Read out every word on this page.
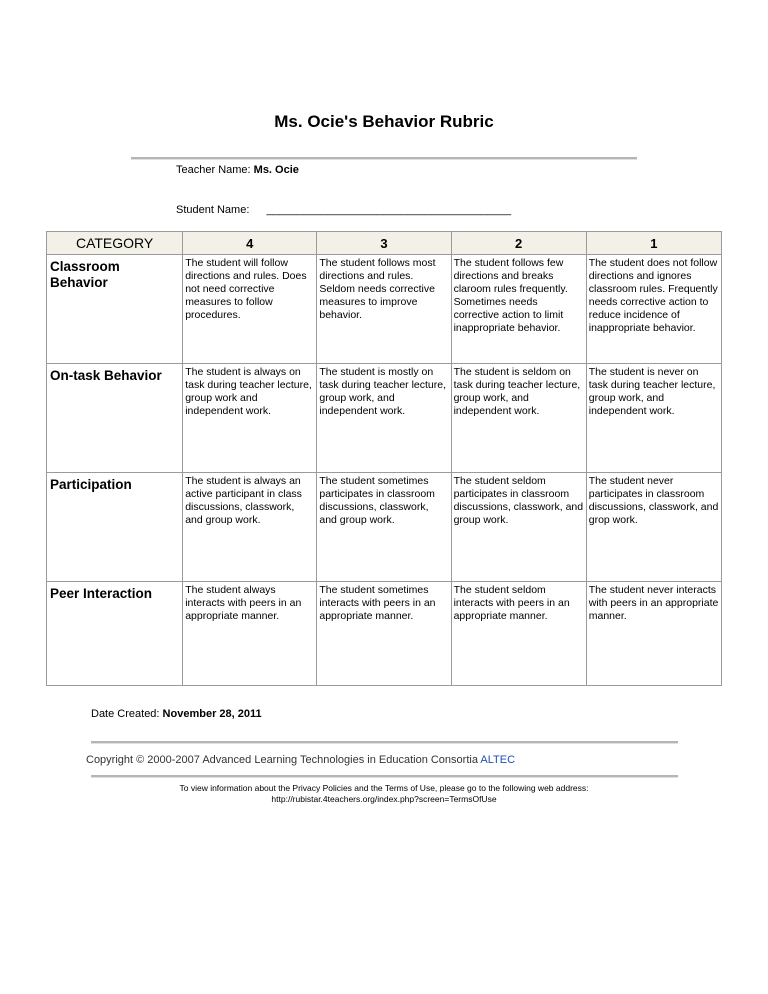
Ms. Ocie's Behavior Rubric
Teacher Name: Ms. Ocie
Student Name: ________________________________________
CATEGORY	4	3	2	1
Classroom Behavior	The student will follow directions and rules. Does not need corrective measures to follow procedures.	The student follows most directions and rules. Seldom needs corrective measures to improve behavior.	The student follows few directions and breaks claroom rules frequently. Sometimes needs corrective action to limit inappropriate behavior.	The student does not follow directions and ignores classroom rules. Frequently needs corrective action to reduce incidence of inappropriate behavior.
On-task Behavior	The student is always on task during teacher lecture, group work and independent work.	The student is mostly on task during teacher lecture, group work, and independent work.	The student is seldom on task during teacher lecture, group work, and independent work.	The student is never on task during teacher lecture, group work, and independent work.
Participation	The student is always an active participant in class discussions, classwork, and group work.	The student sometimes participates in classroom discussions, classwork, and group work.	The student seldom participates in classroom discussions, classwork, and group work.	The student never participates in classroom discussions, classwork, and grop work.
Peer Interaction	The student always interacts with peers in an appropriate manner.	The student sometimes interacts with peers in an appropriate manner.	The student seldom interacts with peers in an appropriate manner.	The student never interacts with peers in an appropriate manner.
Date Created: November 28, 2011
Copyright © 2000-2007 Advanced Learning Technologies in Education Consortia ALTEC
To view information about the Privacy Policies and the Terms of Use, please go to the following web address:
http://rubistar.4teachers.org/index.php?screen=TermsOfUse
